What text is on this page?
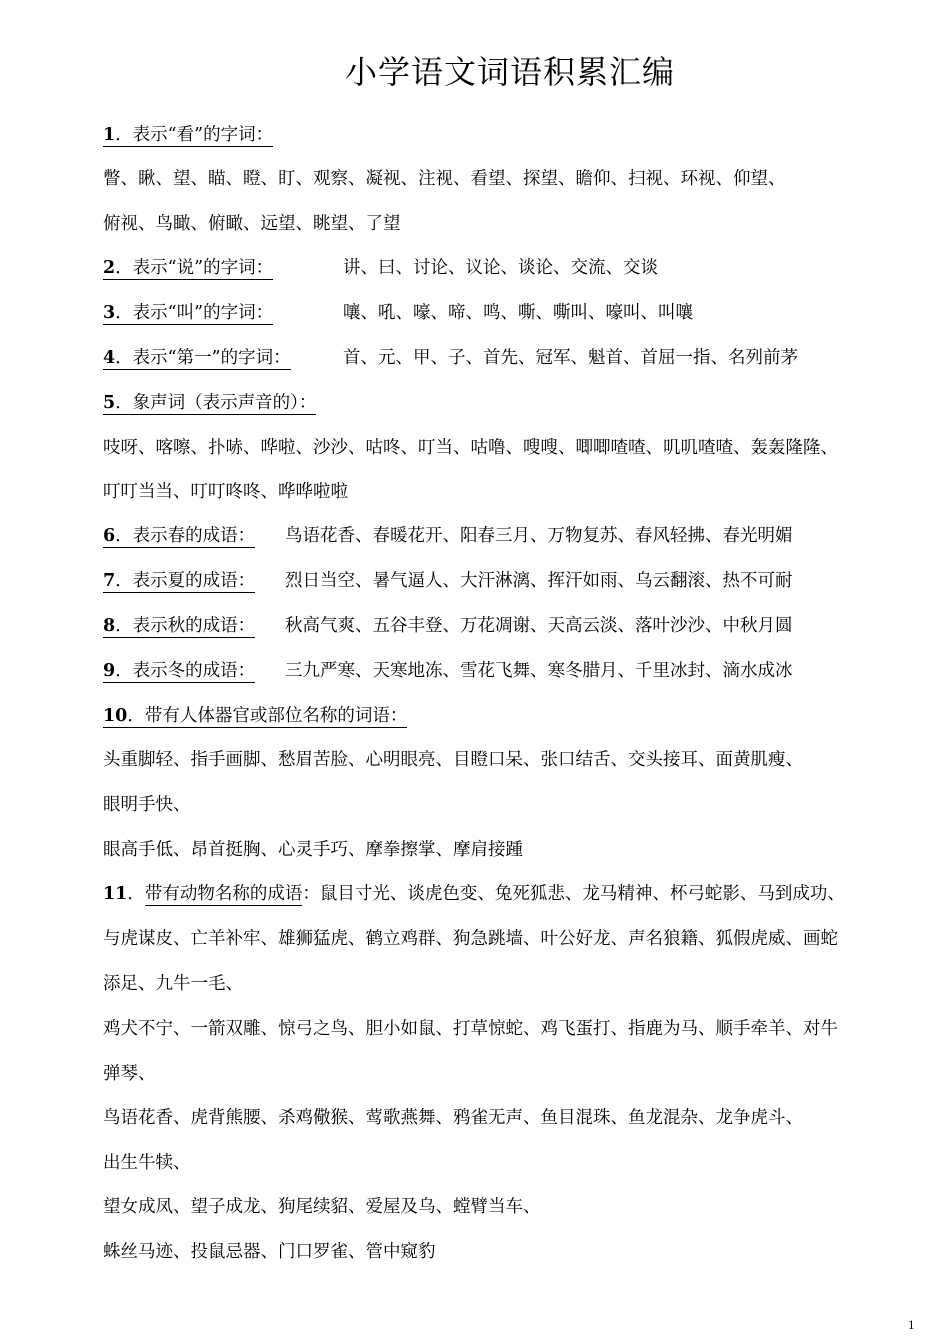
小学语文词语积累汇编
1．表示“看”的字词：
瞥、瞅、望、瞄、瞪、盯、观察、凝视、注视、看望、探望、瞻仰、扫视、环视、仰望、
俯视、鸟瞰、俯瞰、远望、眺望、了望
2．表示“说”的字词：	讲、曰、讨论、议论、谈论、交流、交谈
3．表示“叫”的字词：	嚷、吼、嚎、啼、鸣、嘶、嘶叫、嚎叫、叫嚷
4．表示“第一”的字词：	首、元、甲、子、首先、冠军、魁首、首屈一指、名列前茅
5．象声词（表示声音的）：
吱呀、喀嚓、扑哧、哗啦、沙沙、咕咚、叮当、咕噜、嗖嗖、唧唧喳喳、叽叽喳喳、轰轰隆隆、
叮叮当当、叮叮咚咚、哗哗啦啦
6．表示春的成语： 鸟语花香、春暖花开、阳春三月、万物复苏、春风轻拂、春光明媚
7．表示夏的成语： 烈日当空、暑气逼人、大汗淋漓、挥汗如雨、乌云翻滚、热不可耐
8．表示秋的成语： 秋高气爽、五谷丰登、万花凋谢、天高云淡、落叶沙沙、中秋月圆
9．表示冬的成语： 三九严寒、天寒地冻、雪花飞舞、寒冬腊月、千里冰封、滴水成冰
10．带有人体器官或部位名称的词语：
头重脚轻、指手画脚、愁眉苦脸、心明眼亮、目瞪口呆、张口结舌、交头接耳、面黄肌瘦、
眼明手快、
眼高手低、昂首挺胸、心灵手巧、摩拳擦掌、摩肩接踵
11．带有动物名称的成语：鼠目寸光、谈虎色变、兔死狐悲、龙马精神、杯弓蛇影、马到成功、
与虎谋皮、亡羊补牢、雄狮猛虎、鹤立鸡群、狗急跳墙、叶公好龙、声名狼籍、狐假虎威、画蛇
添足、九牛一毛、
鸡犬不宁、一箭双雕、惊弓之鸟、胆小如鼠、打草惊蛇、鸡飞蛋打、指鹿为马、顺手牵羊、对牛
弹琴、
鸟语花香、虎背熊腰、杀鸡儆猴、莺歌燕舞、鸦雀无声、鱼目混珠、鱼龙混杂、龙争虎斗、
出生牛犊、
望女成凤、望子成龙、狗尾续貂、爱屋及乌、螳臂当车、
蛛丝马迹、投鼠忌器、门口罗雀、管中窥豹
1
